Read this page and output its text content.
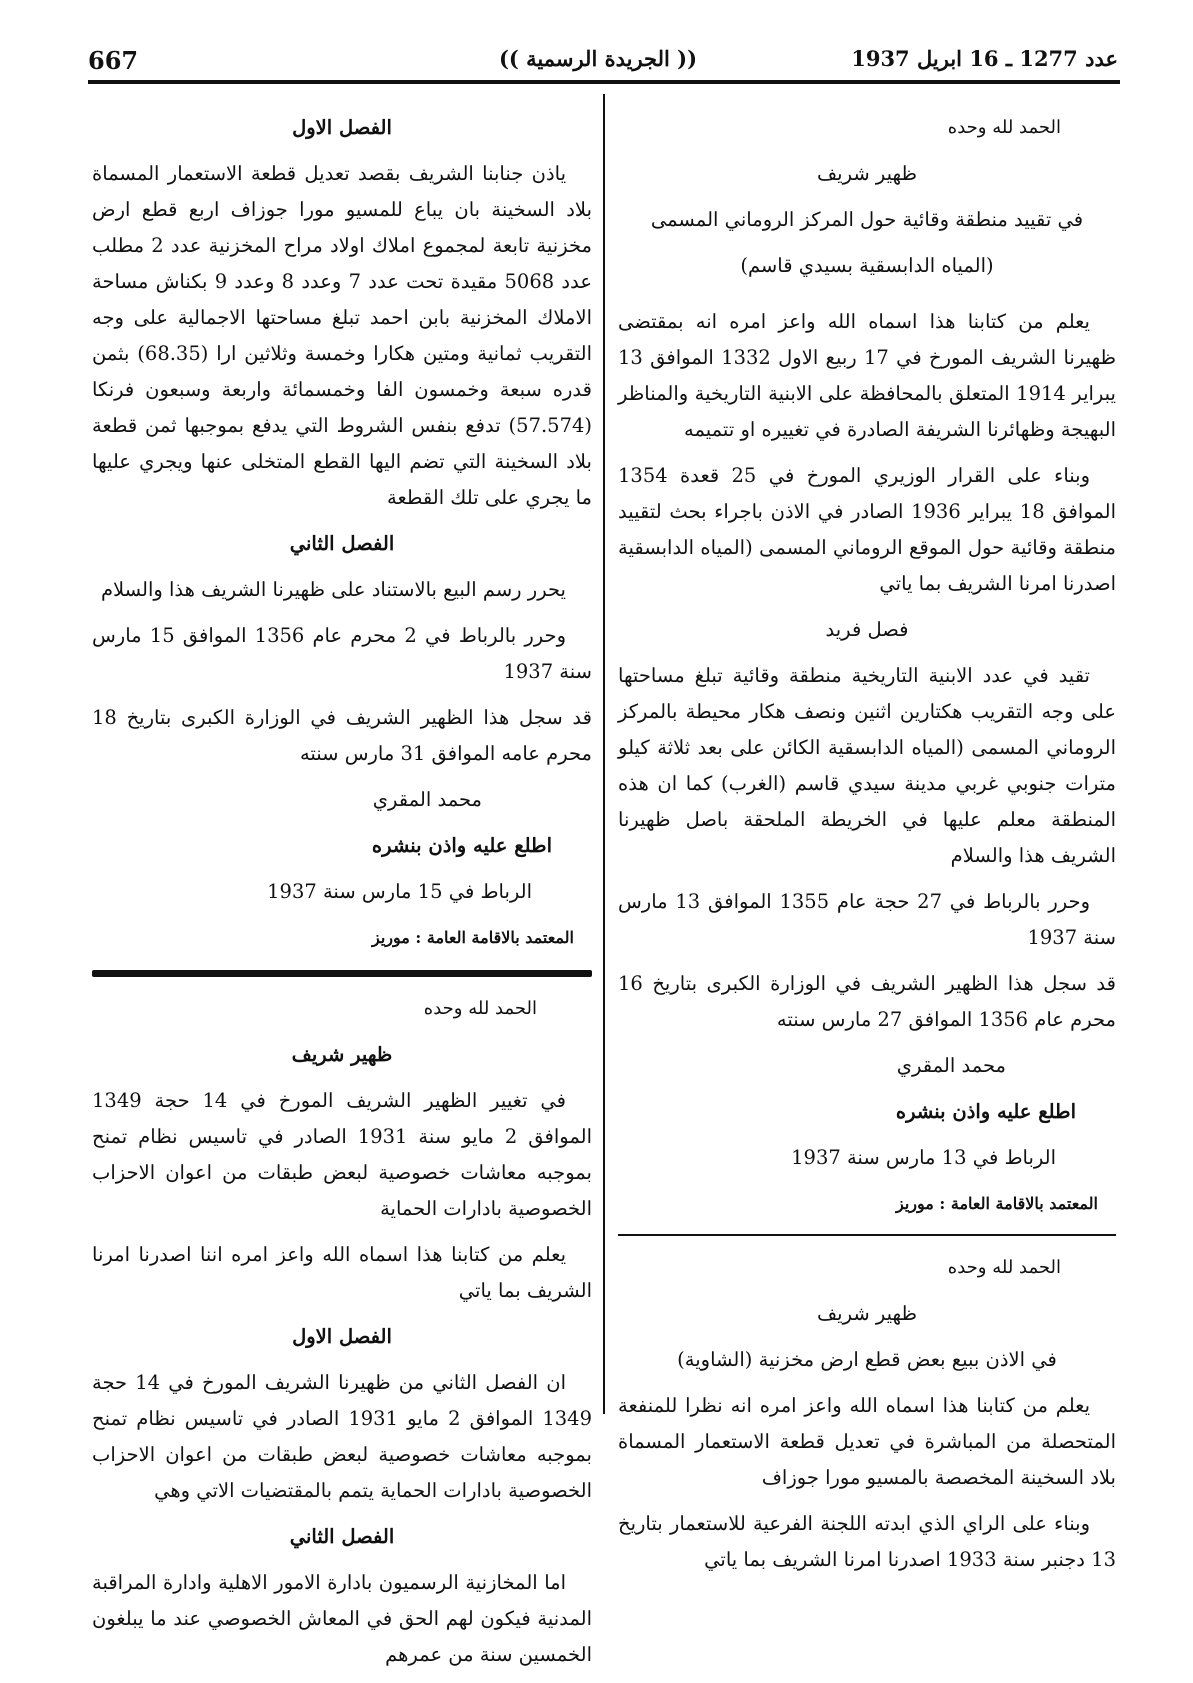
667	(( الجريدة الرسمية ))	عدد 1277 ـ 16 ابريل 1937

الحمد لله وحده

ظهير شريف

في تقييد منطقة وقائية حول المركز الروماني المسمى

(المياه الدابسقية بسيدي قاسم)

يعلم من كتابنا هذا اسماه الله واعز امره انه بمقتضى ظهيرنا الشريف المورخ في 17 ربيع الاول 1332 الموافق 13 يبراير 1914 المتعلق بالمحافظة على الابنية التاريخية والمناظر البهيجة وظهائرنا الشريفة الصادرة في تغييره او تتميمه

وبناء على القرار الوزيري المورخ في 25 قعدة 1354 الموافق 18 يبراير 1936 الصادر في الاذن باجراء بحث لتقييد منطقة وقائية حول الموقع الروماني المسمى (المياه الدابسقية اصدرنا امرنا الشريف بما ياتي

فصل فريد

تقيد في عدد الابنية التاريخية منطقة وقائية تبلغ مساحتها على وجه التقريب هكتارين اثنين ونصف هكار محيطة بالمركز الروماني المسمى (المياه الدابسقية الكائن على بعد ثلاثة كيلو مترات جنوبي غربي مدينة سيدي قاسم (الغرب) كما ان هذه المنطقة معلم عليها في الخريطة الملحقة باصل ظهيرنا الشريف هذا والسلام

وحرر بالرباط في 27 حجة عام 1355 الموافق 13 مارس سنة 1937

قد سجل هذا الظهير الشريف في الوزارة الكبرى بتاريخ 16 محرم عام 1356 الموافق 27 مارس سنته

محمد المقري

اطلع عليه واذن بنشره

الرباط في 13 مارس سنة 1937

المعتمد بالاقامة العامة : موريز

الحمد لله وحده

ظهير شريف

في الاذن ببيع بعض قطع ارض مخزنية (الشاوية)

يعلم من كتابنا هذا اسماه الله واعز امره انه نظرا للمنفعة المتحصلة من المباشرة في تعديل قطعة الاستعمار المسماة بلاد السخينة المخصصة بالمسيو مورا جوزاف

وبناء على الراي الذي ابدته اللجنة الفرعية للاستعمار بتاريخ 13 دجنبر سنة 1933 اصدرنا امرنا الشريف بما ياتي

الفصل الاول

ياذن جنابنا الشريف بقصد تعديل قطعة الاستعمار المسماة بلاد السخينة بان يباع للمسيو مورا جوزاف اربع قطع ارض مخزنية تابعة لمجموع املاك اولاد مراح المخزنية عدد 2 مطلب عدد 5068 مقيدة تحت عدد 7 وعدد 8 وعدد 9 بكناش مساحة الاملاك المخزنية بابن احمد تبلغ مساحتها الاجمالية على وجه التقريب ثمانية ومتين هكارا وخمسة وثلاثين ارا (68.35) بثمن قدره سبعة وخمسون الفا وخمسمائة واربعة وسبعون فرنكا (57.574) تدفع بنفس الشروط التي يدفع بموجبها ثمن قطعة بلاد السخينة التي تضم اليها القطع المتخلى عنها ويجري عليها ما يجري على تلك القطعة

الفصل الثاني

يحرر رسم البيع بالاستناد على ظهيرنا الشريف هذا والسلام

وحرر بالرباط في 2 محرم عام 1356 الموافق 15 مارس سنة 1937

قد سجل هذا الظهير الشريف في الوزارة الكبرى بتاريخ 18 محرم عامه الموافق 31 مارس سنته

محمد المقري

اطلع عليه واذن بنشره

الرباط في 15 مارس سنة 1937

المعتمد بالاقامة العامة : موريز

الحمد لله وحده

ظهير شريف

في تغيير الظهير الشريف المورخ في 14 حجة 1349 الموافق 2 مايو سنة 1931 الصادر في تاسيس نظام تمنح بموجبه معاشات خصوصية لبعض طبقات من اعوان الاحزاب الخصوصية بادارات الحماية

يعلم من كتابنا هذا اسماه الله واعز امره اننا اصدرنا امرنا الشريف بما ياتي

الفصل الاول

ان الفصل الثاني من ظهيرنا الشريف المورخ في 14 حجة 1349 الموافق 2 مايو 1931 الصادر في تاسيس نظام تمنح بموجبه معاشات خصوصية لبعض طبقات من اعوان الاحزاب الخصوصية بادارات الحماية يتمم بالمقتضيات الاتي وهي

الفصل الثاني

اما المخازنية الرسميون بادارة الامور الاهلية وادارة المراقبة المدنية فيكون لهم الحق في المعاش الخصوصي عند ما يبلغون الخمسين سنة من عمرهم
